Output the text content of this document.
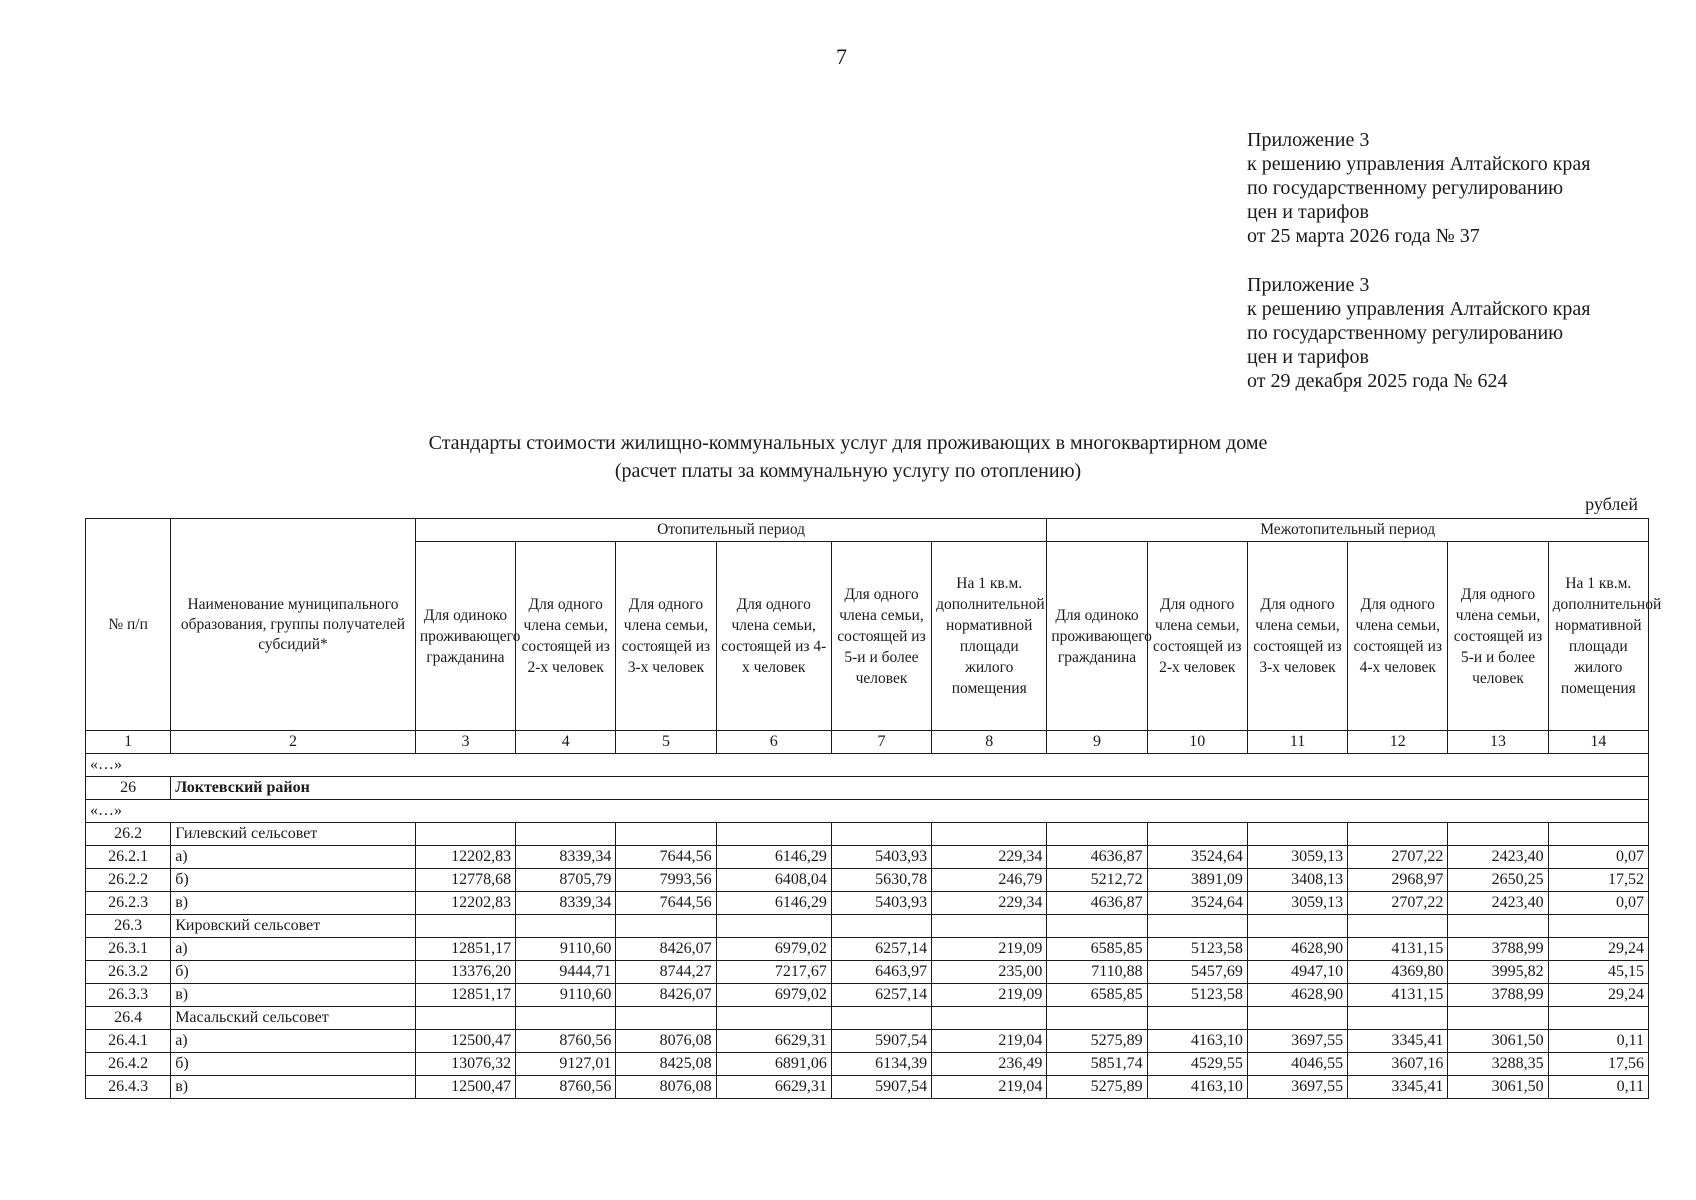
7
Приложение 3
к решению управления Алтайского края
по государственному регулированию
цен и тарифов
от 25 марта 2026 года № 37
Приложение 3
к решению управления Алтайского края
по государственному регулированию
цен и тарифов
от 29 декабря 2025 года № 624
Стандарты стоимости жилищно-коммунальных услуг для проживающих в многоквартирном доме
(расчет платы за коммунальную услугу по отоплению)
рублей
№ п/п	Наименование муниципального образования, группы получателей субсидий*	Отопительный период						Межотопительный период					
		Для одиноко проживающего гражданина	Для одного члена семьи, состоящей из 2-х человек	Для одного члена семьи, состоящей из 3-х человек	Для одного члена семьи, состоящей из 4-х человек	Для одного члена семьи, состоящей из 5-и и более человек	На 1 кв.м. дополнительной нормативной площади жилого помещения	Для одиноко проживающего гражданина	Для одного члена семьи, состоящей из 2-х человек	Для одного члена семьи, состоящей из 3-х человек	Для одного члена семьи, состоящей из 4-х человек	Для одного члена семьи, состоящей из 5-и и более человек	На 1 кв.м. дополнительной нормативной площади жилого помещения
1	2	3	4	5	6	7	8	9	10	11	12	13	14
«…»													
26	Локтевский район												
«…»													
26.2	Гилевский сельсовет												
26.2.1	а)	12202,83	8339,34	7644,56	6146,29	5403,93	229,34	4636,87	3524,64	3059,13	2707,22	2423,40	0,07
26.2.2	б)	12778,68	8705,79	7993,56	6408,04	5630,78	246,79	5212,72	3891,09	3408,13	2968,97	2650,25	17,52
26.2.3	в)	12202,83	8339,34	7644,56	6146,29	5403,93	229,34	4636,87	3524,64	3059,13	2707,22	2423,40	0,07
26.3	Кировский сельсовет												
26.3.1	а)	12851,17	9110,60	8426,07	6979,02	6257,14	219,09	6585,85	5123,58	4628,90	4131,15	3788,99	29,24
26.3.2	б)	13376,20	9444,71	8744,27	7217,67	6463,97	235,00	7110,88	5457,69	4947,10	4369,80	3995,82	45,15
26.3.3	в)	12851,17	9110,60	8426,07	6979,02	6257,14	219,09	6585,85	5123,58	4628,90	4131,15	3788,99	29,24
26.4	Масальский сельсовет												
26.4.1	а)	12500,47	8760,56	8076,08	6629,31	5907,54	219,04	5275,89	4163,10	3697,55	3345,41	3061,50	0,11
26.4.2	б)	13076,32	9127,01	8425,08	6891,06	6134,39	236,49	5851,74	4529,55	4046,55	3607,16	3288,35	17,56
26.4.3	в)	12500,47	8760,56	8076,08	6629,31	5907,54	219,04	5275,89	4163,10	3697,55	3345,41	3061,50	0,11
